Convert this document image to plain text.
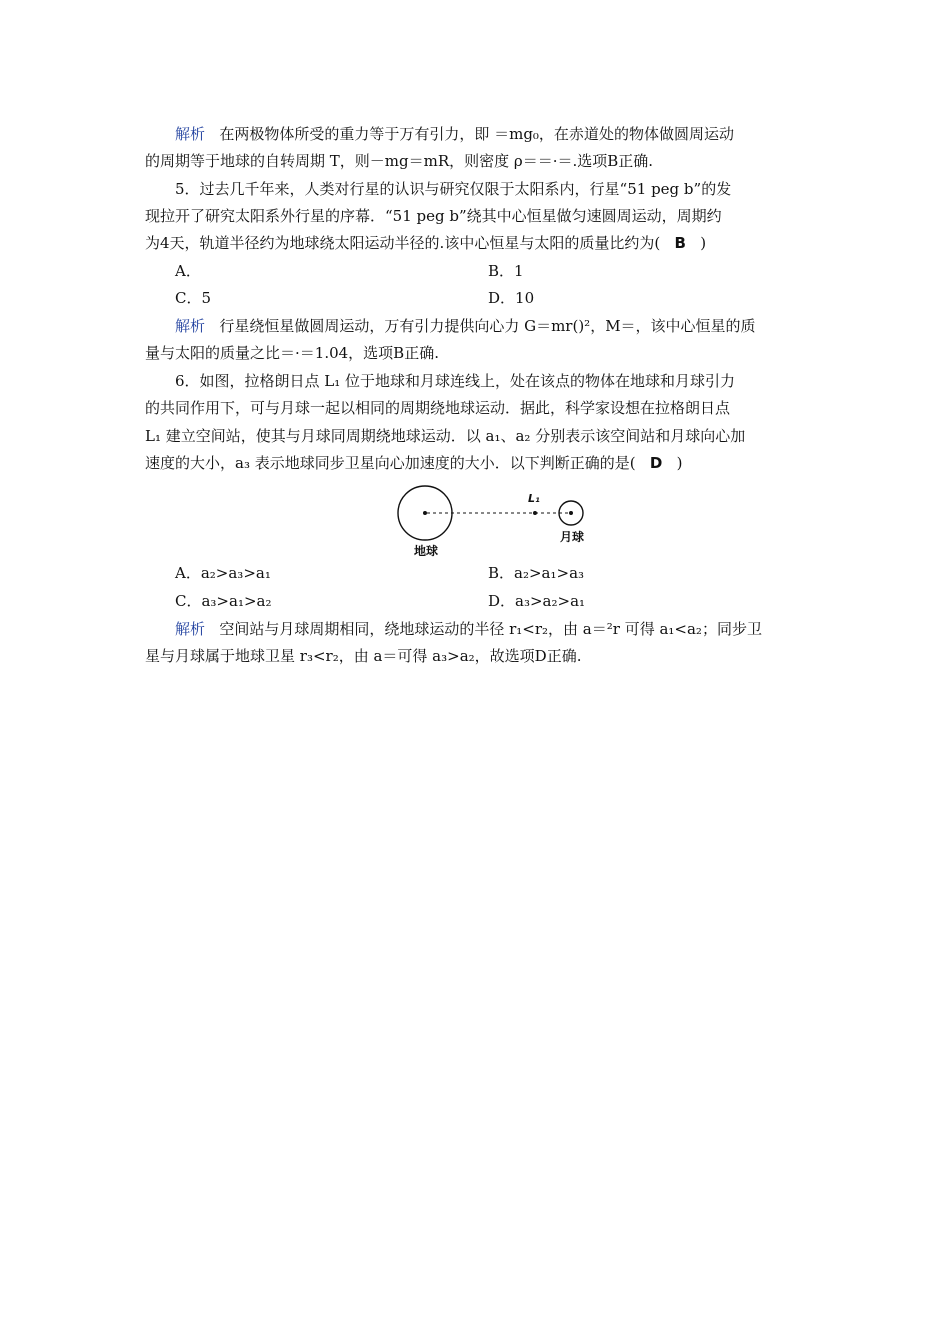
解析 在两极物体所受的重力等于万有引力，即 ＝mg₀，在赤道处的物体做圆周运动
的周期等于地球的自转周期 T，则－mg＝mR，则密度 ρ＝＝·＝.选项B正确.
5．过去几千年来，人类对行星的认识与研究仅限于太阳系内，行星“51 peg b”的发
现拉开了研究太阳系外行星的序幕．“51 peg b”绕其中心恒星做匀速圆周运动，周期约
为4天，轨道半径约为地球绕太阳运动半径的.该中心恒星与太阳的质量比约为( B )
A．	B．1
C．5	D．10
解析 行星绕恒星做圆周运动，万有引力提供向心力 G＝mr()²，M＝，该中心恒星的质
量与太阳的质量之比＝·＝1.04，选项B正确.
6．如图，拉格朗日点 L₁ 位于地球和月球连线上，处在该点的物体在地球和月球引力
的共同作用下，可与月球一起以相同的周期绕地球运动．据此，科学家设想在拉格朗日点
L₁ 建立空间站，使其与月球同周期绕地球运动．以 a₁、a₂ 分别表示该空间站和月球向心加
速度的大小，a₃ 表示地球同步卫星向心加速度的大小．以下判断正确的是( D )
L₁
地球
月球
A．a₂>a₃>a₁	B．a₂>a₁>a₃
C．a₃>a₁>a₂	D．a₃>a₂>a₁
解析 空间站与月球周期相同，绕地球运动的半径 r₁<r₂，由 a＝²r 可得 a₁<a₂；同步卫
星与月球属于地球卫星 r₃<r₂，由 a＝可得 a₃>a₂，故选项D正确.
